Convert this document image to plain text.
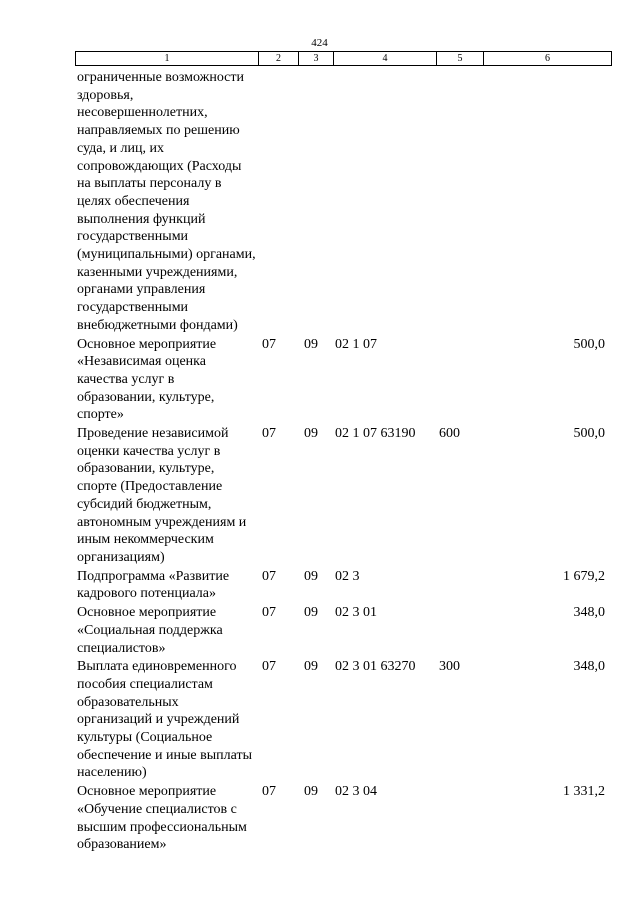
424
1	2	3	4	5	6
ограниченные возможности здоровья, несовершеннолетних, направляемых по решению суда, и лиц, их сопровождающих (Расходы на выплаты персоналу в целях обеспечения выполнения функций государственными (муниципальными) органами, казенными учреждениями, органами управления государственными внебюджетными фондами)					
Основное мероприятие «Независимая оценка качества услуг в образовании, культуре, спорте»	07	09	02 1 07		500,0
Проведение независимой оценки качества услуг в образовании, культуре, спорте (Предоставление субсидий бюджетным, автономным учреждениям и иным некоммерческим организациям)	07	09	02 1 07 63190	600	500,0
Подпрограмма «Развитие кадрового потенциала»	07	09	02 3		1 679,2
Основное мероприятие «Социальная поддержка специалистов»	07	09	02 3 01		348,0
Выплата единовременного пособия специалистам образовательных организаций и учреждений культуры (Социальное обеспечение и иные выплаты населению)	07	09	02 3 01 63270	300	348,0
Основное мероприятие «Обучение специалистов с высшим профессиональным образованием»	07	09	02 3 04		1 331,2
